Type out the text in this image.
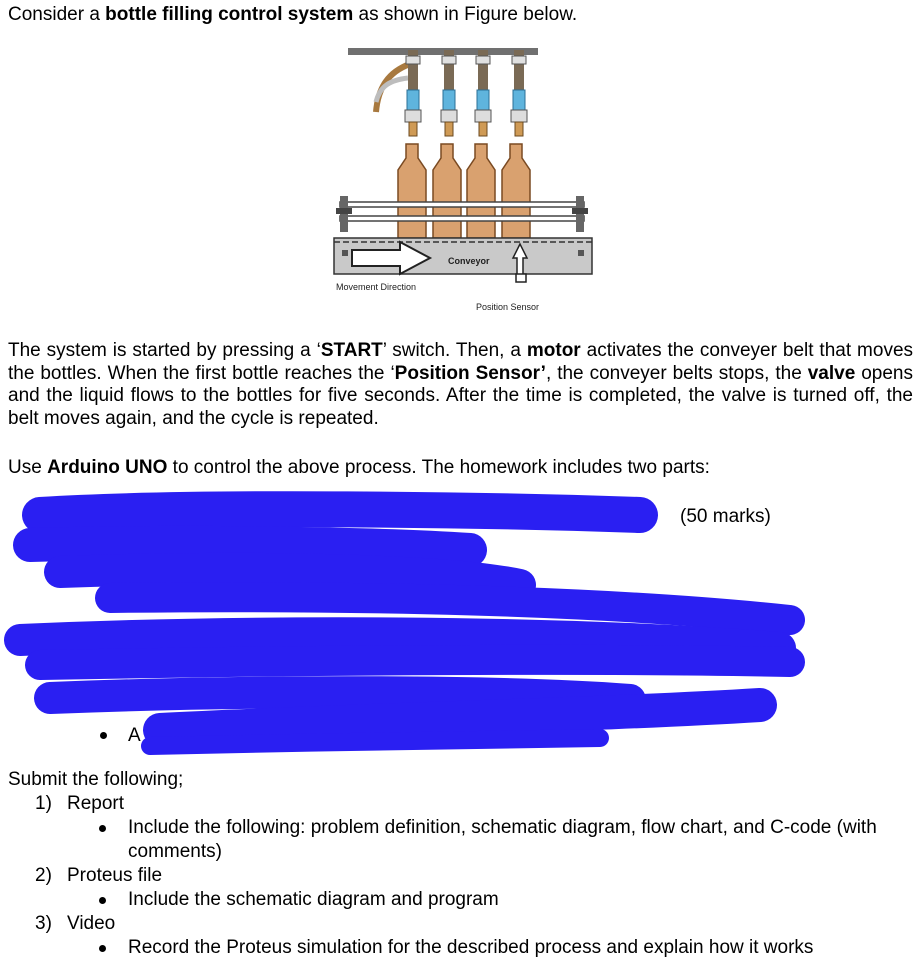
Consider a bottle filling control system as shown in Figure below.
Conveyor
Movement Direction
Position Sensor
The system is started by pressing a ‘START’ switch. Then, a motor activates the conveyer belt that moves the bottles. When the first bottle reaches the ‘Position Sensor’, the conveyer belts stops, the valve opens and the liquid flows to the bottles for five seconds. After the time is completed, the valve is turned off, the belt moves again, and the cycle is repeated.
Use Arduino UNO to control the above process. The homework includes two parts:
1\	(50 marks)
2\
A
Submit the following;
1) Report
Include the following: problem definition, schematic diagram, flow chart, and C-code (with comments)
2) Proteus file
Include the schematic diagram and program
3) Video
Record the Proteus simulation for the described process and explain how it works
